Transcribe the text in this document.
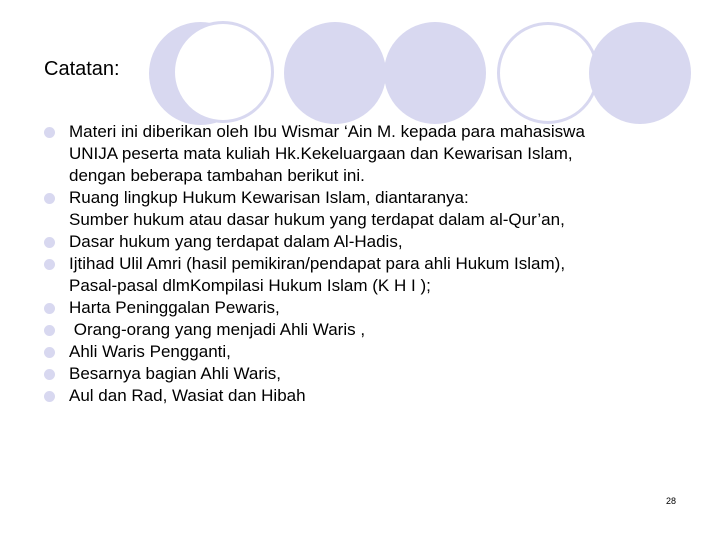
Catatan:
Materi ini diberikan oleh Ibu Wismar ‘Ain M. kepada para mahasiswa
UNIJA peserta mata kuliah Hk.Kekeluargaan dan Kewarisan Islam,
dengan beberapa tambahan berikut ini.
Ruang lingkup Hukum Kewarisan Islam, diantaranya:
Sumber hukum atau dasar hukum yang terdapat dalam al-Qur’an,
Dasar hukum yang terdapat dalam Al-Hadis,
Ijtihad Ulil Amri (hasil pemikiran/pendapat para ahli Hukum Islam),
Pasal-pasal dlmKompilasi Hukum Islam (K H I );
Harta Peninggalan Pewaris,
Orang-orang yang menjadi Ahli Waris ,
Ahli Waris Pengganti,
Besarnya bagian Ahli Waris,
Aul dan Rad, Wasiat dan Hibah
28
